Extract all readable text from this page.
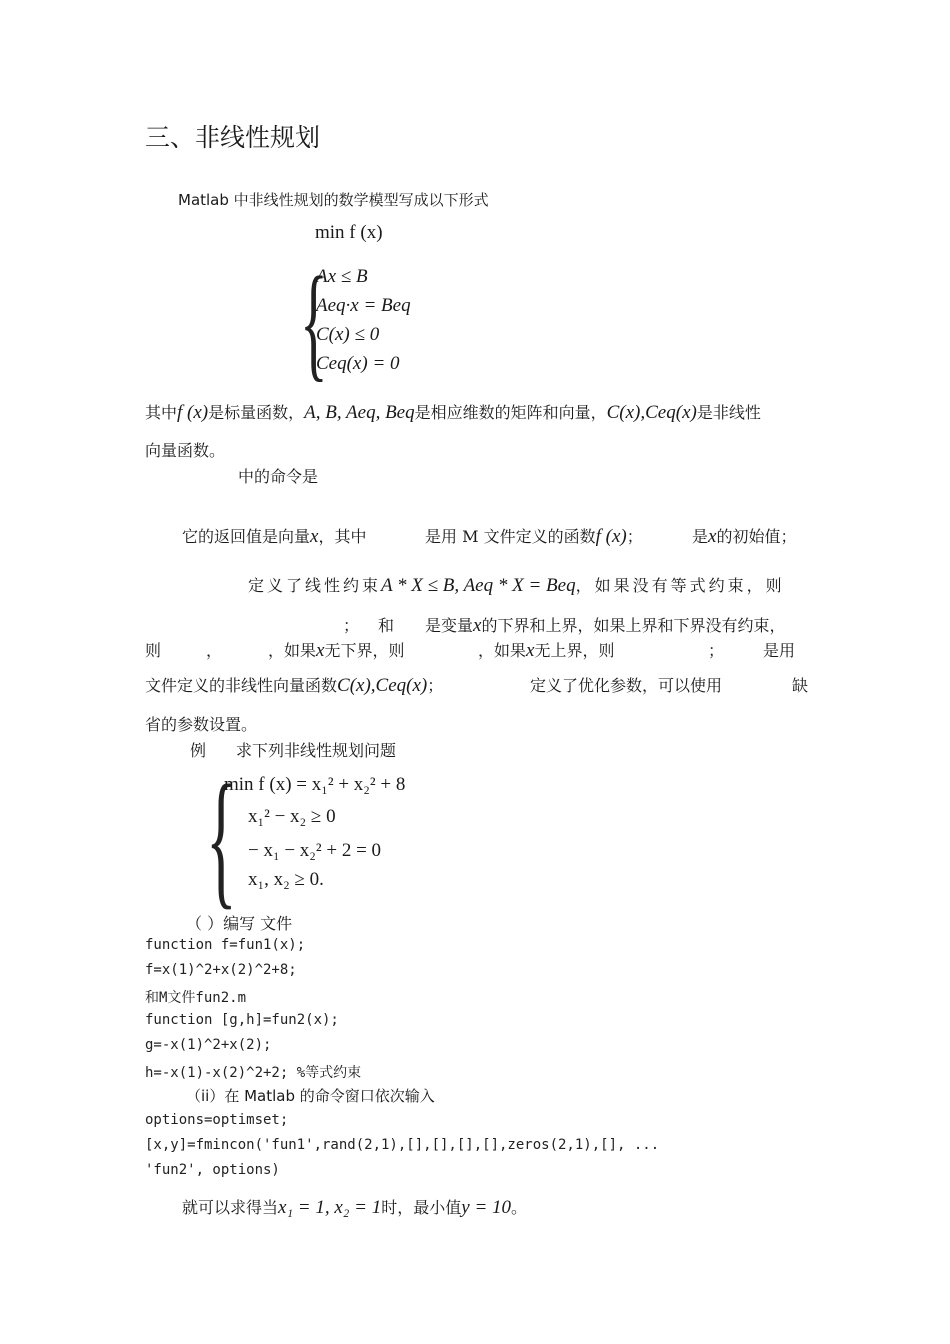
三、非线性规划
Matlab 中非线性规划的数学模型写成以下形式
min f (x)
{
Ax ≤ B
Aeq·x = Beq
C(x) ≤ 0
Ceq(x) = 0
其中f (x)是标量函数，A, B, Aeq, Beq是相应维数的矩阵和向量，C(x),Ceq(x)是非线性
向量函数。
中的命令是
它的返回值是向量x，其中	是用 M 文件定义的函数f (x)；	是x的初始值；
定义了线性约束A * X ≤ B, Aeq * X = Beq，如果没有等式约束，则
； 和 是变量x的下界和上界，如果上界和下界没有约束，
则	，	，如果x无下界，则	，如果x无上界，则	； 是用
文件定义的非线性向量函数C(x),Ceq(x)；	定义了优化参数，可以使用	缺
省的参数设置。
例 求下列非线性规划问题
{
min f (x) = x₁² + x₂² + 8
x₁² − x₂ ≥ 0
− x₁ − x₂² + 2 = 0
x₁, x₂ ≥ 0.
（ ）编写 文件
function f=fun1(x);
f=x(1)^2+x(2)^2+8;
和M文件fun2.m
function [g,h]=fun2(x);
g=-x(1)^2+x(2);
h=-x(1)-x(2)^2+2; %等式约束
（ii）在 Matlab 的命令窗口依次输入
options=optimset;
[x,y]=fmincon('fun1',rand(2,1),[],[],[],[],zeros(2,1),[], ...
'fun2', options)
就可以求得当x₁ = 1, x₂ = 1时，最小值y = 10。
